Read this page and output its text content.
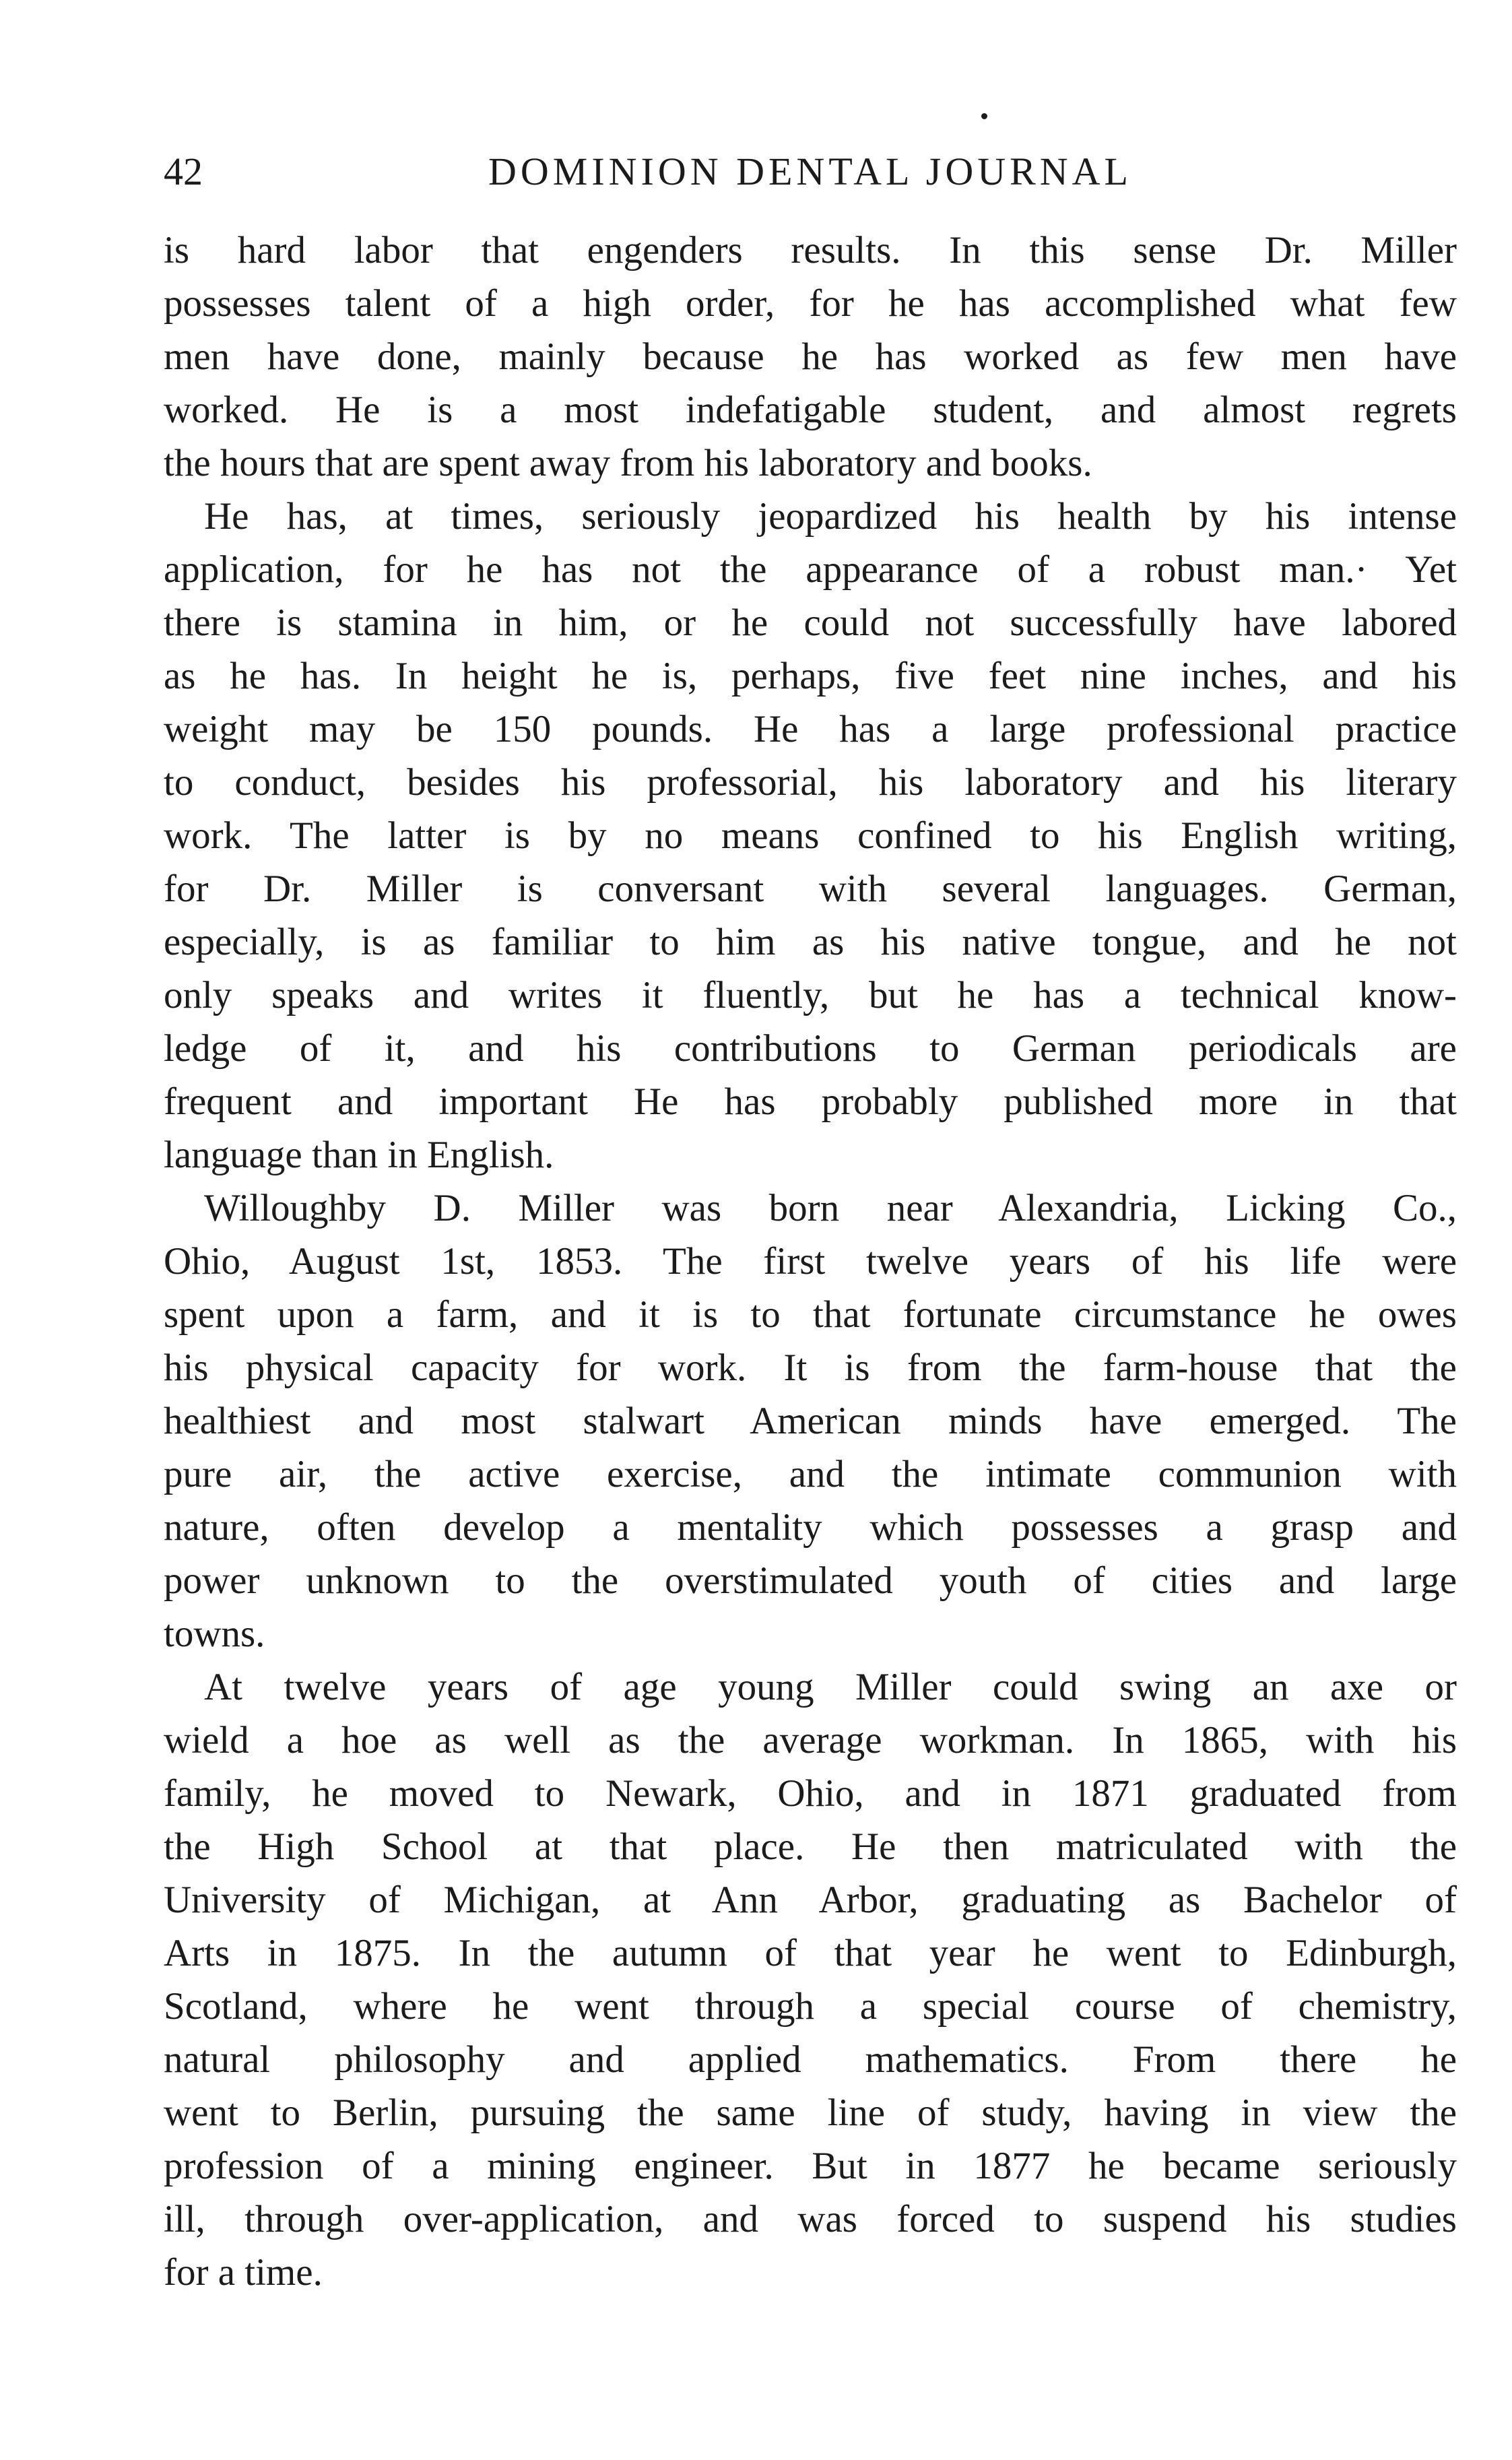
42	DOMINION DENTAL JOURNAL
is hard labor that engenders results. In this sense Dr. Miller
possesses talent of a high order, for he has accomplished what few
men have done, mainly because he has worked as few men have
worked. He is a most indefatigable student, and almost regrets
the hours that are spent away from his laboratory and books.
He has, at times, seriously jeopardized his health by his intense
application, for he has not the appearance of a robust man.· Yet
there is stamina in him, or he could not successfully have labored
as he has. In height he is, perhaps, five feet nine inches, and his
weight may be 150 pounds. He has a large professional practice
to conduct, besides his professorial, his laboratory and his literary
work. The latter is by no means confined to his English writing,
for Dr. Miller is conversant with several languages. German,
especially, is as familiar to him as his native tongue, and he not
only speaks and writes it fluently, but he has a technical know-
ledge of it, and his contributions to German periodicals are
frequent and important He has probably published more in that
language than in English.
Willoughby D. Miller was born near Alexandria, Licking Co.,
Ohio, August 1st, 1853. The first twelve years of his life were
spent upon a farm, and it is to that fortunate circumstance he owes
his physical capacity for work. It is from the farm-house that the
healthiest and most stalwart American minds have emerged. The
pure air, the active exercise, and the intimate communion with
nature, often develop a mentality which possesses a grasp and
power unknown to the overstimulated youth of cities and large
towns.
At twelve years of age young Miller could swing an axe or
wield a hoe as well as the average workman. In 1865, with his
family, he moved to Newark, Ohio, and in 1871 graduated from
the High School at that place. He then matriculated with the
University of Michigan, at Ann Arbor, graduating as Bachelor of
Arts in 1875. In the autumn of that year he went to Edinburgh,
Scotland, where he went through a special course of chemistry,
natural philosophy and applied mathematics. From there he
went to Berlin, pursuing the same line of study, having in view the
profession of a mining engineer. But in 1877 he became seriously
ill, through over-application, and was forced to suspend his studies
for a time.
